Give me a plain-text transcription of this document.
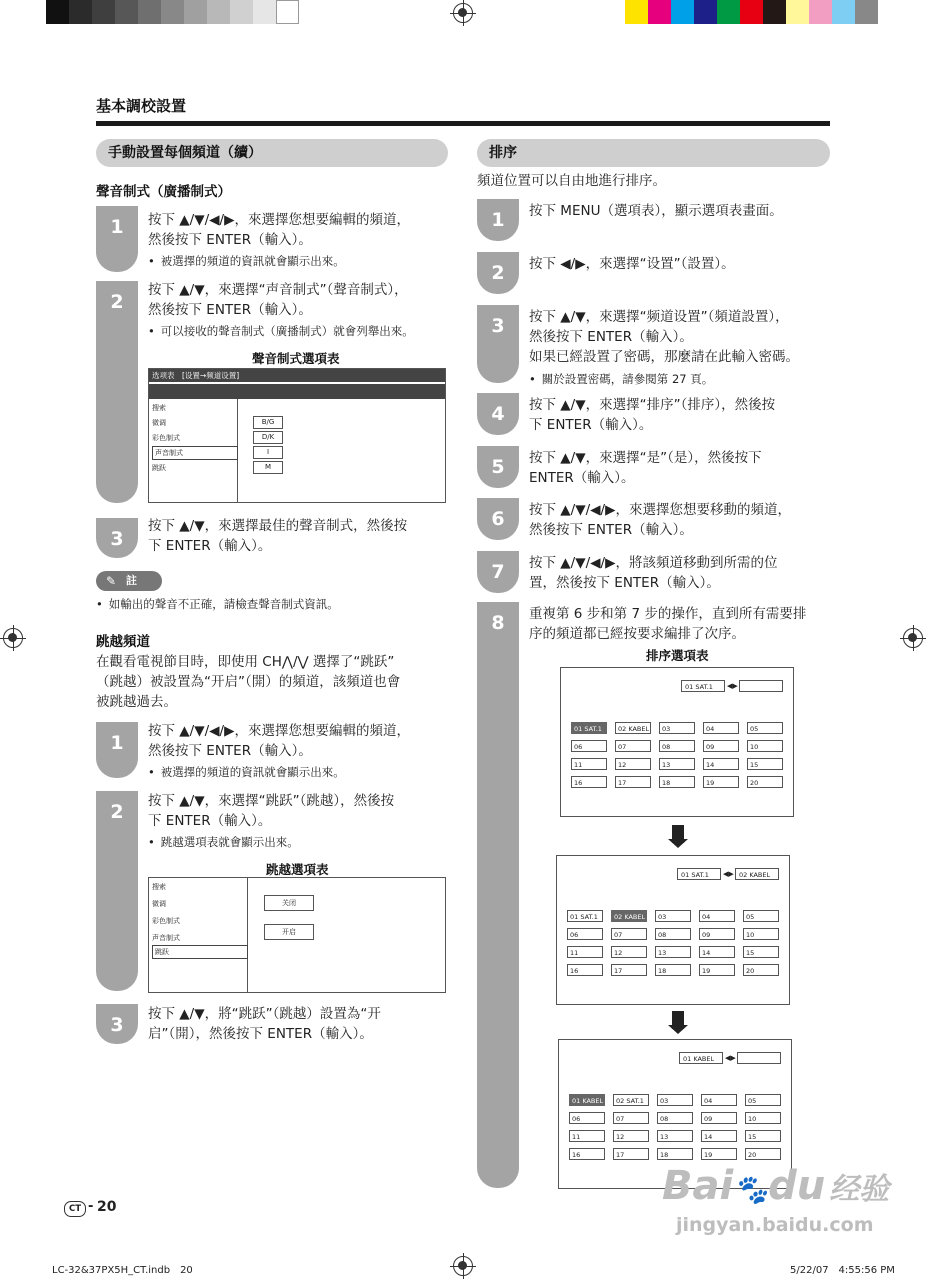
基本調校設置
手動設置每個頻道（續）
聲音制式（廣播制式）
1	按下 ▲/▼/◀/▶，來選擇您想要編輯的頻道，
然後按下 ENTER（輸入）。
• 被選擇的頻道的資訊就會顯示出來。
2
按下 ▲/▼，來選擇“声音制式”（聲音制式），
然後按下 ENTER（輸入）。
• 可以接收的聲音制式（廣播制式）就會列舉出來。
聲音制式選項表
选项表　[设置→频道设置]
搜索
微调
彩色制式
声音制式
跳跃
B/G
D/K
I
M
3
按下 ▲/▼，來選擇最佳的聲音制式，然後按
下 ENTER（輸入）。
✎ 註
• 如輸出的聲音不正確，請檢查聲音制式資訊。
跳越頻道
在觀看電視節目時，即使用 CH⋀/⋁ 選擇了“跳跃”
（跳越）被設置為“开启”（開）的頻道，該頻道也會
被跳越過去。
1
按下 ▲/▼/◀/▶，來選擇您想要編輯的頻道，
然後按下 ENTER（輸入）。
• 被選擇的頻道的資訊就會顯示出來。
2	按下 ▲/▼，來選擇“跳跃”（跳越），然後按
下 ENTER（輸入）。
• 跳越選項表就會顯示出來。
跳越選項表
搜索
微调
彩色制式
声音制式
跳跃
关闭
开启
3	按下 ▲/▼，將“跳跃”（跳越）設置為“开
启”（開），然後按下 ENTER（輸入）。
排序
頻道位置可以自由地進行排序。
1	按下 MENU（選項表），顯示選項表畫面。
2	按下 ◀/▶，來選擇“设置”（設置）。
3	按下 ▲/▼，來選擇“频道设置”（頻道設置），
然後按下 ENTER（輸入）。
如果已經設置了密碼，那麼請在此輸入密碼。
• 關於設置密碼，請參閱第 27 頁。
4	按下 ▲/▼，來選擇“排序”（排序），然後按
下 ENTER（輸入）。
5	按下 ▲/▼，來選擇“是”（是），然後按下
ENTER（輸入）。
6	按下 ▲/▼/◀/▶，來選擇您想要移動的頻道，
然後按下 ENTER（輸入）。
7	按下 ▲/▼/◀/▶，將該頻道移動到所需的位
置，然後按下 ENTER（輸入）。
8	重複第 6 步和第 7 步的操作，直到所有需要排
序的頻道都已經按要求編排了次序。
排序選項表
01 SAT.1	◀▶
01 SAT.1	02 KABEL	03	04	05
06	07	08	09	10
11	12	13	14	15
16	17	18	19	20
01 SAT.1	◀▶ 02 KABEL
01 SAT.1	02 KABEL	03	04	05
06	07	08	09	10
11	12	13	14	15
16	17	18	19	20
01 KABEL	◀▶
01 KABEL	02 SAT.1	03	04	05
06	07	08	09	10
11	12	13	14	15
16	17	18	19	20
CT - 20
LC-32&37PX5H_CT.indb　20	5/22/07　4:55:56 PM
Bai🐾du 经验
jingyan.baidu.com
